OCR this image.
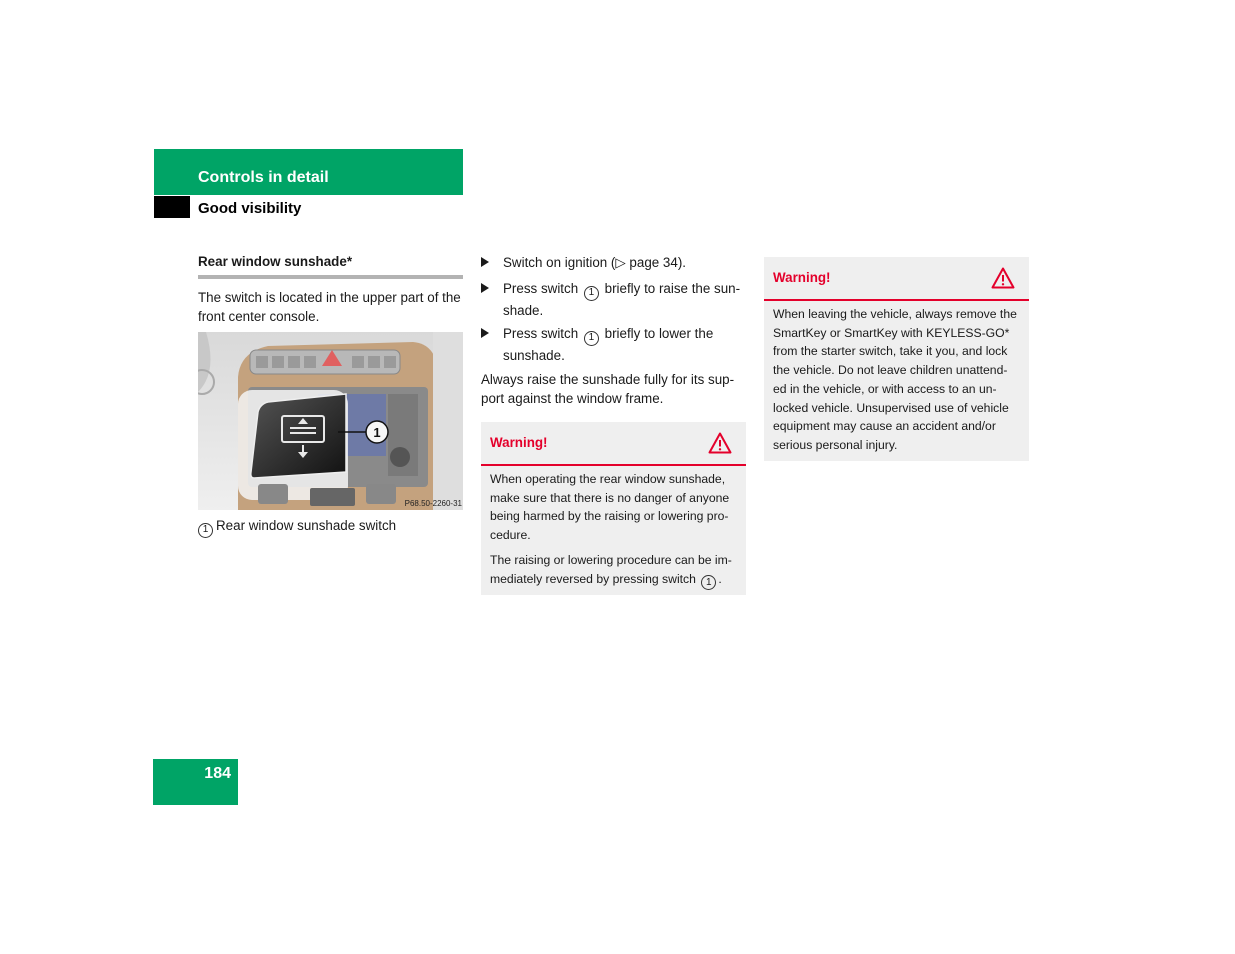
Controls in detail
Good visibility
Rear window sunshade*
The switch is located in the upper part of the front center console.
1
P68.50-2260-31
1 Rear window sunshade switch
Switch on ignition (▷ page 34).
Press switch 1 briefly to raise the sun-shade.
Press switch 1 briefly to lower the sunshade.
Always raise the sunshade fully for its sup-port against the window frame.
Warning!

When operating the rear window sunshade, make sure that there is no danger of anyone being harmed by the raising or lowering pro-cedure.

The raising or lowering procedure can be im-mediately reversed by pressing switch 1 .

Warning!

When leaving the vehicle, always remove the SmartKey or SmartKey with KEYLESS-GO* from the starter switch, take it you, and lock the vehicle. Do not leave children unattend-ed in the vehicle, or with access to an un-locked vehicle. Unsupervised use of vehicle equipment may cause an accident and/or serious personal injury.

184
